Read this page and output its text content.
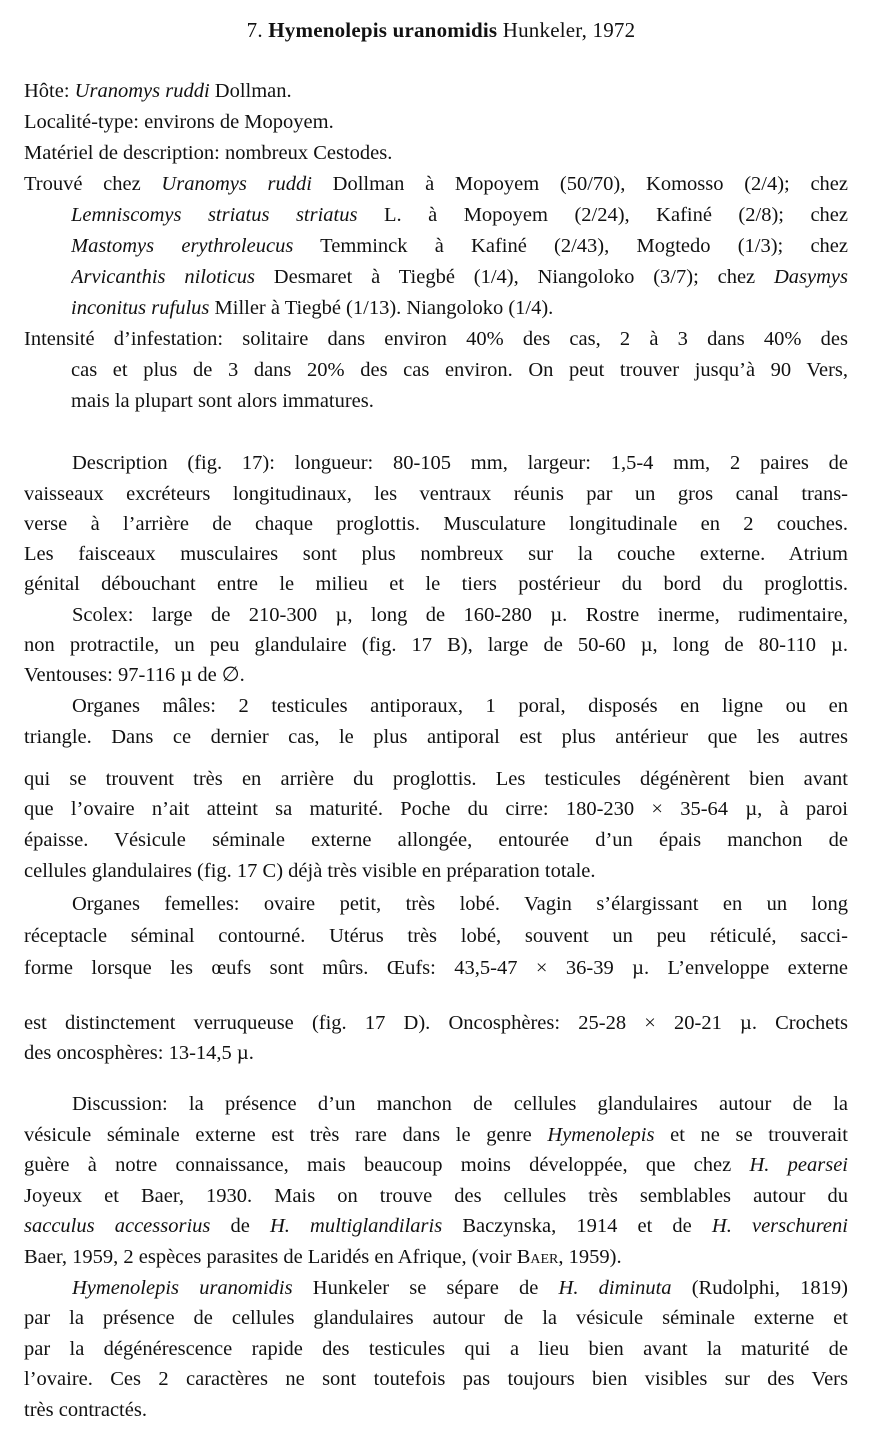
7. Hymenolepis uranomidis Hunkeler, 1972
Hôte: Uranomys ruddi Dollman.
Localité-type: environs de Mopoyem.
Matériel de description: nombreux Cestodes.
Trouvé chez Uranomys ruddi Dollman à Mopoyem (50/70), Komosso (2/4); chez
Lemniscomys striatus striatus L. à Mopoyem (2/24), Kafiné (2/8); chez
Mastomys erythroleucus Temminck à Kafiné (2/43), Mogtedo (1/3); chez
Arvicanthis niloticus Desmaret à Tiegbé (1/4), Niangoloko (3/7); chez Dasymys
inconitus rufulus Miller à Tiegbé (1/13). Niangoloko (1/4).
Intensité d’infestation: solitaire dans environ 40% des cas, 2 à 3 dans 40% des
cas et plus de 3 dans 20% des cas environ. On peut trouver jusqu’à 90 Vers,
mais la plupart sont alors immatures.
Description (fig. 17): longueur: 80-105 mm, largeur: 1,5-4 mm, 2 paires de
vaisseaux excréteurs longitudinaux, les ventraux réunis par un gros canal trans-
verse à l’arrière de chaque proglottis. Musculature longitudinale en 2 couches.
Les faisceaux musculaires sont plus nombreux sur la couche externe. Atrium
génital débouchant entre le milieu et le tiers postérieur du bord du proglottis.
Scolex: large de 210-300 µ, long de 160-280 µ. Rostre inerme, rudimentaire,
non protractile, un peu glandulaire (fig. 17 B), large de 50-60 µ, long de 80-110 µ.
Ventouses: 97-116 µ de ∅.
Organes mâles: 2 testicules antiporaux, 1 poral, disposés en ligne ou en
triangle. Dans ce dernier cas, le plus antiporal est plus antérieur que les autres
qui se trouvent très en arrière du proglottis. Les testicules dégénèrent bien avant
que l’ovaire n’ait atteint sa maturité. Poche du cirre: 180-230 × 35-64 µ, à paroi
épaisse. Vésicule séminale externe allongée, entourée d’un épais manchon de
cellules glandulaires (fig. 17 C) déjà très visible en préparation totale.
Organes femelles: ovaire petit, très lobé. Vagin s’élargissant en un long
réceptacle séminal contourné. Utérus très lobé, souvent un peu réticulé, sacci-
forme lorsque les œufs sont mûrs. Œufs: 43,5-47 × 36-39 µ. L’enveloppe externe
est distinctement verruqueuse (fig. 17 D). Oncosphères: 25-28 × 20-21 µ. Crochets
des oncosphères: 13-14,5 µ.
Discussion: la présence d’un manchon de cellules glandulaires autour de la
vésicule séminale externe est très rare dans le genre Hymenolepis et ne se trouverait
guère à notre connaissance, mais beaucoup moins développée, que chez H. pearsei
Joyeux et Baer, 1930. Mais on trouve des cellules très semblables autour du
sacculus accessorius de H. multiglandilaris Baczynska, 1914 et de H. verschureni
Baer, 1959, 2 espèces parasites de Laridés en Afrique, (voir Baer, 1959).
Hymenolepis uranomidis Hunkeler se sépare de H. diminuta (Rudolphi, 1819)
par la présence de cellules glandulaires autour de la vésicule séminale externe et
par la dégénérescence rapide des testicules qui a lieu bien avant la maturité de
l’ovaire. Ces 2 caractères ne sont toutefois pas toujours bien visibles sur des Vers
très contractés.
